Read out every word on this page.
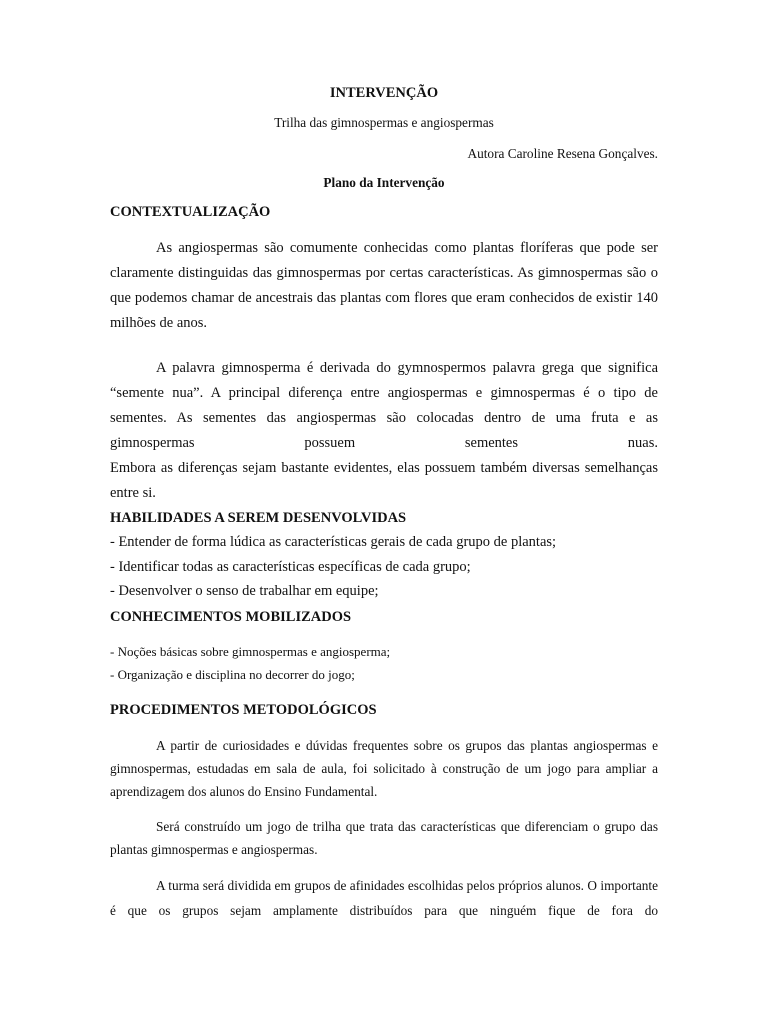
INTERVENÇÃO

Trilha das gimnospermas e angiospermas

Autora Caroline Resena Gonçalves.

Plano da Intervenção

CONTEXTUALIZAÇÃO

As angiospermas são comumente conhecidas como plantas floríferas que pode ser claramente distinguidas das gimnospermas por certas características. As gimnospermas são o que podemos chamar de ancestrais das plantas com flores que eram conhecidos de existir 140 milhões de anos.

A palavra gimnosperma é derivada do gymnospermos palavra grega que significa “semente nua”. A principal diferença entre angiospermas e gimnospermas é o tipo de sementes. As sementes das angiospermas são colocadas dentro de uma fruta e as gimnospermas possuem sementes nuas.

Embora as diferenças sejam bastante evidentes, elas possuem também diversas semelhanças entre si.

HABILIDADES A SEREM DESENVOLVIDAS

- Entender de forma lúdica as características gerais de cada grupo de plantas;

- Identificar todas as características específicas de cada grupo;

- Desenvolver o senso de trabalhar em equipe;

CONHECIMENTOS MOBILIZADOS

- Noções básicas sobre gimnospermas e angiosperma;

- Organização e disciplina no decorrer do jogo;

PROCEDIMENTOS METODOLÓGICOS

A partir de curiosidades e dúvidas frequentes sobre os grupos das plantas angiospermas e gimnospermas, estudadas em sala de aula, foi solicitado à construção de um jogo para ampliar a aprendizagem dos alunos do Ensino Fundamental.

Será construído um jogo de trilha que trata das características que diferenciam o grupo das plantas gimnospermas e angiospermas.

A turma será dividida em grupos de afinidades escolhidas pelos próprios alunos. O importante é que os grupos sejam amplamente distribuídos para que ninguém fique de fora do
